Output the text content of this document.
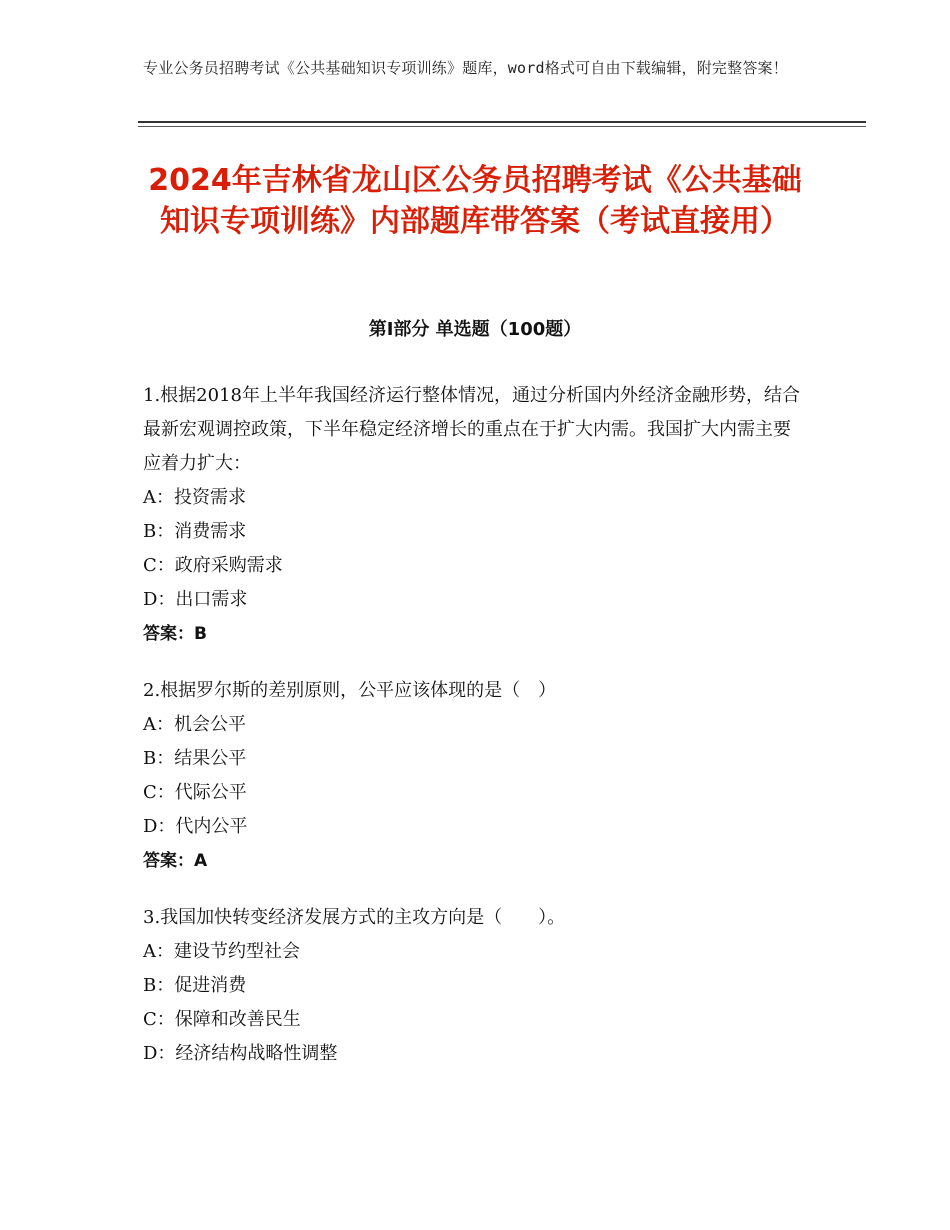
专业公务员招聘考试《公共基础知识专项训练》题库，word格式可自由下载编辑，附完整答案！
2024年吉林省龙山区公务员招聘考试《公共基础知识专项训练》内部题库带答案（考试直接用）
第Ⅰ部分 单选题（100题）
1.根据2018年上半年我国经济运行整体情况，通过分析国内外经济金融形势，结合最新宏观调控政策，下半年稳定经济增长的重点在于扩大内需。我国扩大内需主要应着力扩大：
A：投资需求
B：消费需求
C：政府采购需求
D：出口需求
答案：B
2.根据罗尔斯的差别原则，公平应该体现的是（　）
A：机会公平
B：结果公平
C：代际公平
D：代内公平
答案：A
3.我国加快转变经济发展方式的主攻方向是（　　）。
A：建设节约型社会
B：促进消费
C：保障和改善民生
D：经济结构战略性调整
